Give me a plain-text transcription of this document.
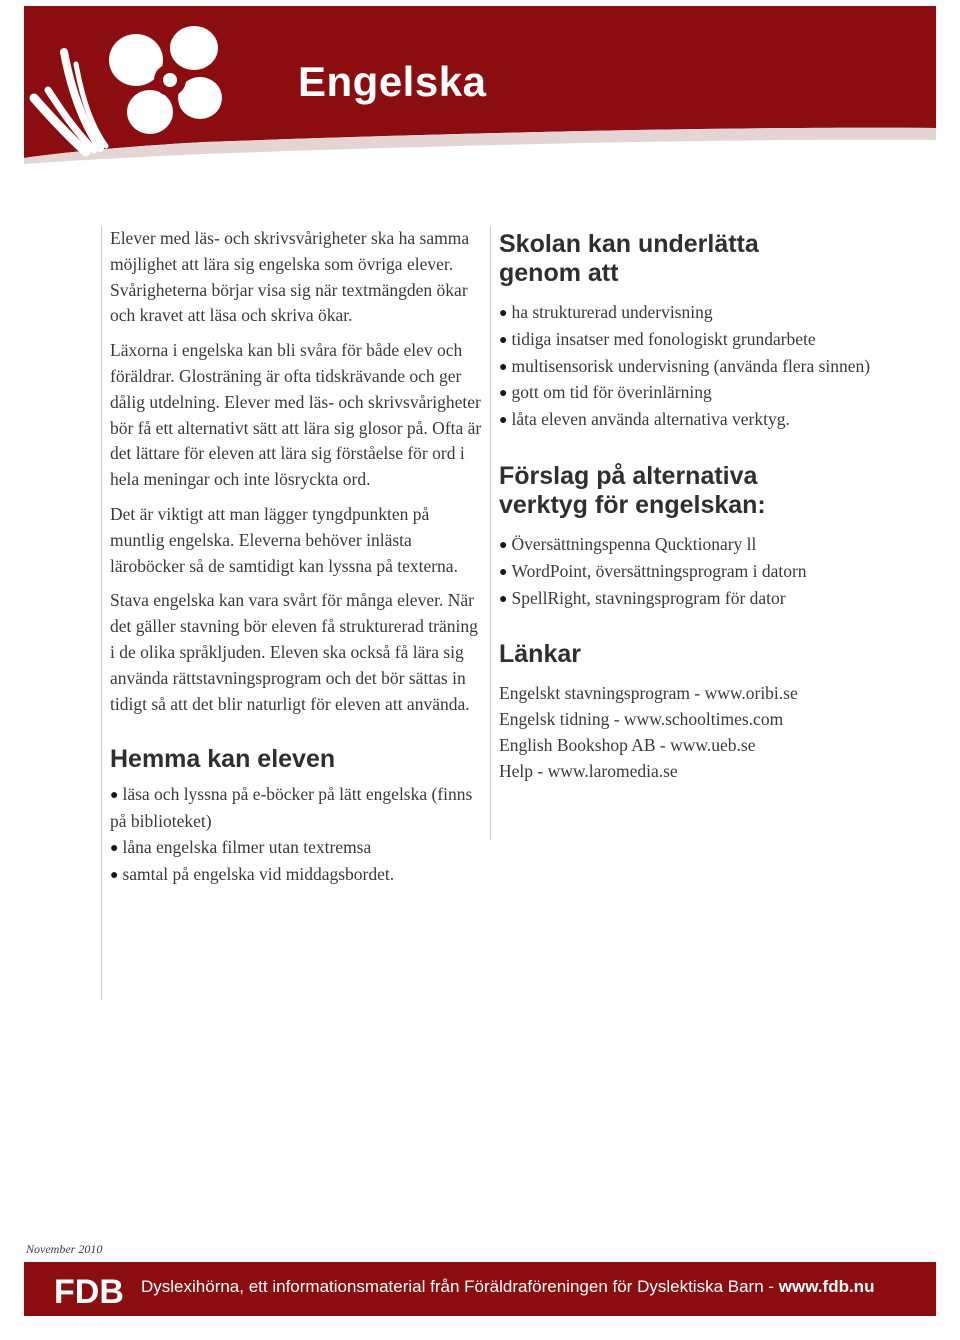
Engelska

Elever med läs- och skrivsvårigheter ska ha samma möjlighet att lära sig engelska som övriga elever. Svårigheterna börjar visa sig när textmängden ökar och kravet att läsa och skriva ökar.

Läxorna i engelska kan bli svåra för både elev och föräldrar. Glosträning är ofta tidskrävande och ger dålig utdelning. Elever med läs- och skrivsvårigheter bör få ett alternativt sätt att lära sig glosor på. Ofta är det lättare för eleven att lära sig förståelse för ord i hela meningar och inte lösryckta ord.

Det är viktigt att man lägger tyngdpunkten på muntlig engelska. Eleverna behöver inlästa läroböcker så de samtidigt kan lyssna på texterna.

Stava engelska kan vara svårt för många elever. När det gäller stavning bör eleven få strukturerad träning i de olika språkljuden. Eleven ska också få lära sig använda rättstavningsprogram och det bör sättas in tidigt så att det blir naturligt för eleven att använda.

Hemma kan eleven
● läsa och lyssna på e-böcker på lätt engelska (finns på biblioteket)
● låna engelska filmer utan textremsa
● samtal på engelska vid middagsbordet.
Skolan kan underlätta genom att
● ha strukturerad undervisning
● tidiga insatser med fonologiskt grundarbete
● multisensorisk undervisning (använda flera sinnen)
● gott om tid för överinlärning
● låta eleven använda alternativa verktyg.
Förslag på alternativa verktyg för engelskan:
● Översättningspenna Qucktionary ll
● WordPoint, översättningsprogram i datorn
● SpellRight, stavningsprogram för dator
Länkar

Engelskt stavningsprogram - www.oribi.se

Engelsk tidning - www.schooltimes.com

English Bookshop AB - www.ueb.se

Help - www.laromedia.se

November 2010
FDB Dyslexihörna, ett informationsmaterial från Föräldraföreningen för Dyslektiska Barn - www.fdb.nu
